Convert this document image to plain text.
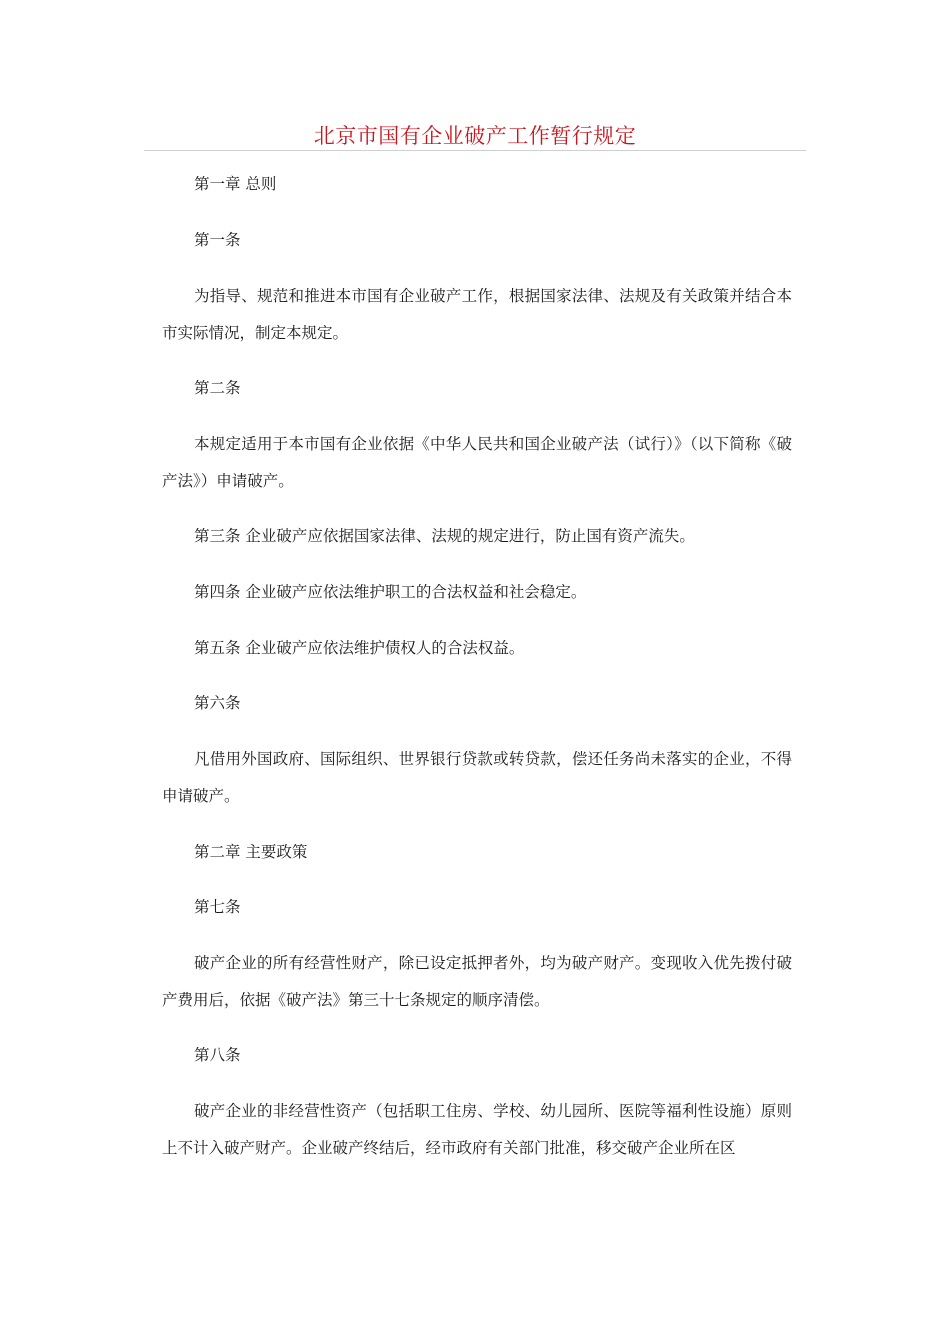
北京市国有企业破产工作暂行规定

第一章 总则

第一条

为指导、规范和推进本市国有企业破产工作，根据国家法律、法规及有关政策并结合本市实际情况，制定本规定。

第二条

本规定适用于本市国有企业依据《中华人民共和国企业破产法（试行）》（以下简称《破产法》）申请破产。

第三条 企业破产应依据国家法律、法规的规定进行，防止国有资产流失。

第四条 企业破产应依法维护职工的合法权益和社会稳定。

第五条 企业破产应依法维护债权人的合法权益。

第六条

凡借用外国政府、国际组织、世界银行贷款或转贷款，偿还任务尚未落实的企业，不得申请破产。

第二章 主要政策

第七条

破产企业的所有经营性财产，除已设定抵押者外，均为破产财产。变现收入优先拨付破产费用后，依据《破产法》第三十七条规定的顺序清偿。

第八条

破产企业的非经营性资产（包括职工住房、学校、幼儿园所、医院等福利性设施）原则上不计入破产财产。企业破产终结后，经市政府有关部门批准，移交破产企业所在区
